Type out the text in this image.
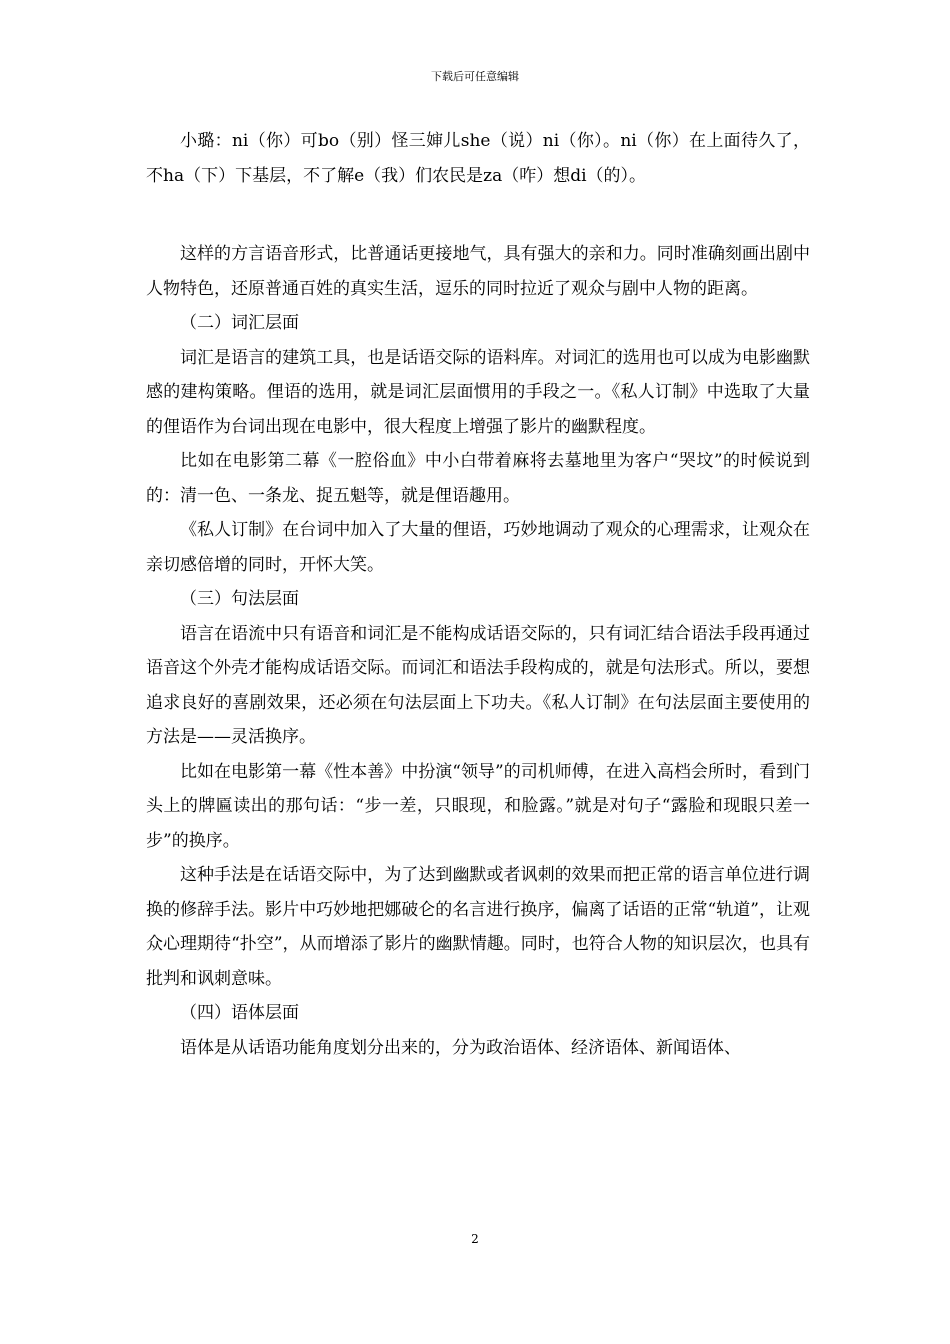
下载后可任意编辑

小璐：ni（你）可bo（别）怪三婶儿she（说）ni（你）。ni（你）在上面待久了，不ha（下）下基层，不了解e（我）们农民是za（咋）想di（的）。

这样的方言语音形式，比普通话更接地气，具有强大的亲和力。同时准确刻画出剧中人物特色，还原普通百姓的真实生活，逗乐的同时拉近了观众与剧中人物的距离。

（二）词汇层面

词汇是语言的建筑工具，也是话语交际的语料库。对词汇的选用也可以成为电影幽默感的建构策略。俚语的选用，就是词汇层面惯用的手段之一。《私人订制》中选取了大量的俚语作为台词出现在电影中，很大程度上增强了影片的幽默程度。

比如在电影第二幕《一腔俗血》中小白带着麻将去墓地里为客户“哭坟”的时候说到的：清一色、一条龙、捉五魁等，就是俚语趣用。

《私人订制》在台词中加入了大量的俚语，巧妙地调动了观众的心理需求，让观众在亲切感倍增的同时，开怀大笑。

（三）句法层面

语言在语流中只有语音和词汇是不能构成话语交际的，只有词汇结合语法手段再通过语音这个外壳才能构成话语交际。而词汇和语法手段构成的，就是句法形式。所以，要想追求良好的喜剧效果，还必须在句法层面上下功夫。《私人订制》在句法层面主要使用的方法是——灵活换序。

比如在电影第一幕《性本善》中扮演“领导”的司机师傅，在进入高档会所时，看到门头上的牌匾读出的那句话：“步一差，只眼现，和脸露。”就是对句子“露脸和现眼只差一步”的换序。

这种手法是在话语交际中，为了达到幽默或者讽刺的效果而把正常的语言单位进行调换的修辞手法。影片中巧妙地把娜破仑的名言进行换序，偏离了话语的正常“轨道”，让观众心理期待“扑空”，从而增添了影片的幽默情趣。同时，也符合人物的知识层次，也具有批判和讽刺意味。

（四）语体层面

语体是从话语功能角度划分出来的，分为政治语体、经济语体、新闻语体、

2
